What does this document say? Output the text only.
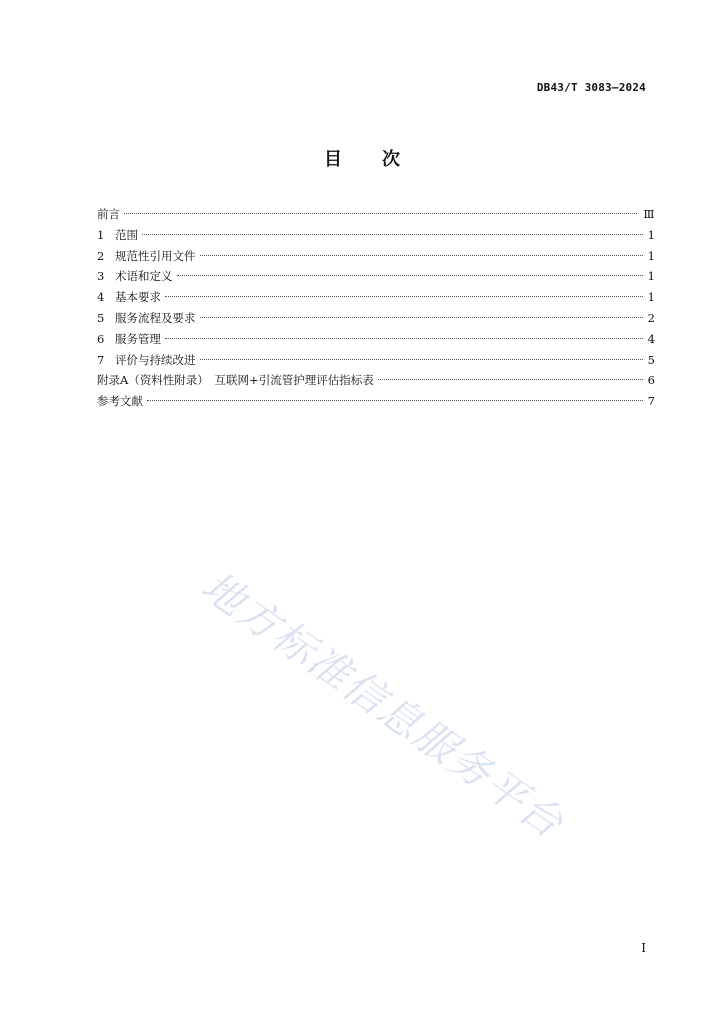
DB43/T 3083—2024
目 次
前言	Ⅲ
1 范围	1
2 规范性引用文件	1
3 术语和定义	1
4 基本要求	1
5 服务流程及要求	2
6 服务管理	4
7 评价与持续改进	5
附录A（资料性附录）　互联网+引流管护理评估指标表	6
参考文献	7
地方标准信息服务平台
I
